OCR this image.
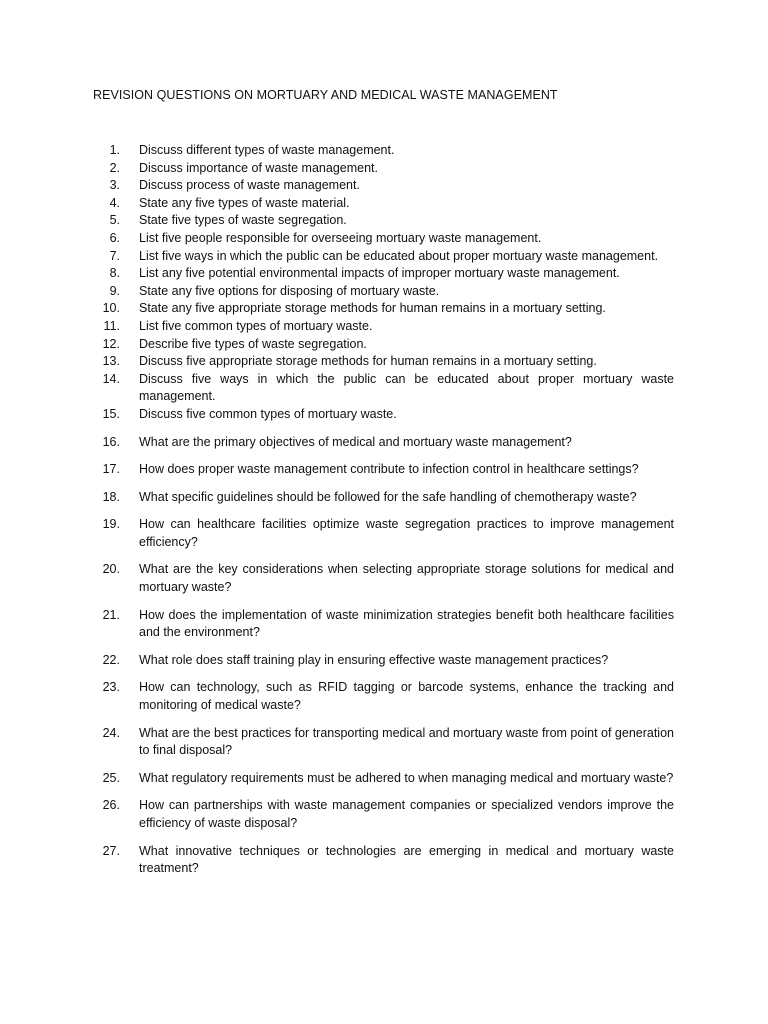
REVISION QUESTIONS ON MORTUARY AND MEDICAL WASTE MANAGEMENT
1.	Discuss different types of waste management.
2.	Discuss importance of waste management.
3.	Discuss process of waste management.
4.	State any five types of waste material.
5.	State five types of waste segregation.
6.	List five people responsible for overseeing mortuary waste management.
7.	List five ways in which the public can be educated about proper mortuary waste management.
8.	List any five potential environmental impacts of improper mortuary waste management.
9.	State any five options for disposing of mortuary waste.
10.	State any five appropriate storage methods for human remains in a mortuary setting.
11.	List five common types of mortuary waste.
12.	Describe five types of waste segregation.
13.	Discuss five appropriate storage methods for human remains in a mortuary setting.
14.	Discuss five ways in which the public can be educated about proper mortuary waste management.
15.	Discuss five common types of mortuary waste.
16.	What are the primary objectives of medical and mortuary waste management?
17.	How does proper waste management contribute to infection control in healthcare settings?
18.	What specific guidelines should be followed for the safe handling of chemotherapy waste?
19.	How can healthcare facilities optimize waste segregation practices to improve management efficiency?
20.	What are the key considerations when selecting appropriate storage solutions for medical and mortuary waste?
21.	How does the implementation of waste minimization strategies benefit both healthcare facilities and the environment?
22.	What role does staff training play in ensuring effective waste management practices?
23.	How can technology, such as RFID tagging or barcode systems, enhance the tracking and monitoring of medical waste?
24.	What are the best practices for transporting medical and mortuary waste from point of generation to final disposal?
25.	What regulatory requirements must be adhered to when managing medical and mortuary waste?
26.	How can partnerships with waste management companies or specialized vendors improve the efficiency of waste disposal?
27.	What innovative techniques or technologies are emerging in medical and mortuary waste treatment?
